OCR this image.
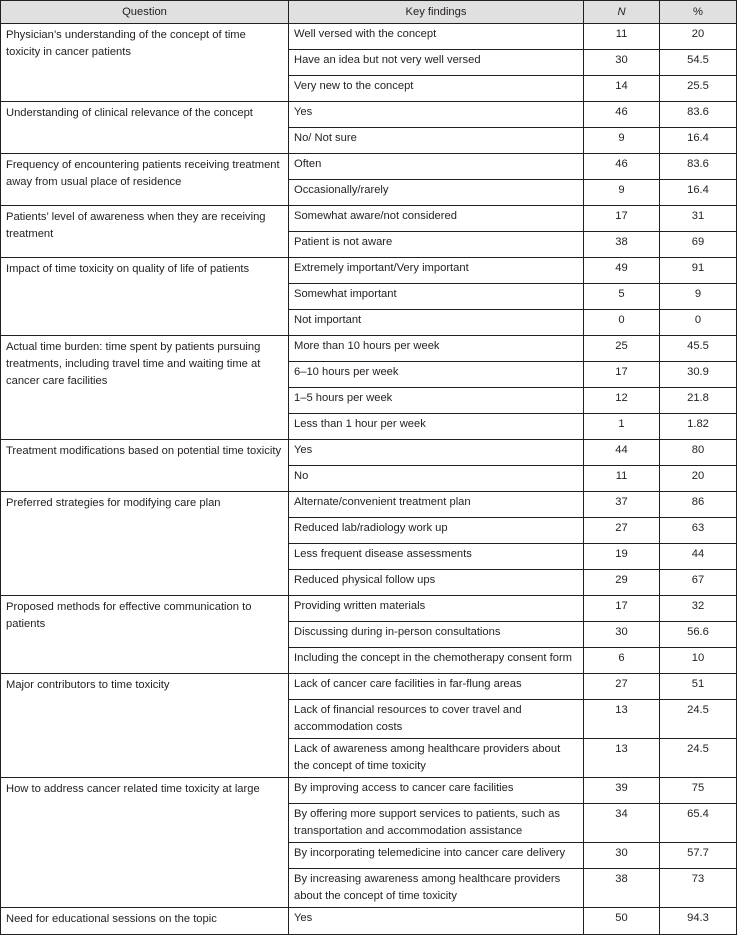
Question	Key findings	N	%
Physician’s understanding of the concept of time toxicity in cancer patients	Well versed with the concept	11	20
	Have an idea but not very well versed	30	54.5
	Very new to the concept	14	25.5
Understanding of clinical relevance of the concept	Yes	46	83.6
	No/ Not sure	9	16.4
Frequency of encountering patients receiving treatment away from usual place of residence	Often	46	83.6
	Occasionally/rarely	9	16.4
Patients’ level of awareness when they are receiving treatment	Somewhat aware/not considered	17	31
	Patient is not aware	38	69
Impact of time toxicity on quality of life of patients	Extremely important/Very important	49	91
	Somewhat important	5	9
	Not important	0	0
Actual time burden: time spent by patients pursuing treatments, including travel time and waiting time at cancer care facilities	More than 10 hours per week	25	45.5
	6–10 hours per week	17	30.9
	1–5 hours per week	12	21.8
	Less than 1 hour per week	1	1.82
Treatment modifications based on potential time toxicity	Yes	44	80
	No	11	20
Preferred strategies for modifying care plan	Alternate/convenient treatment plan	37	86
	Reduced lab/radiology work up	27	63
	Less frequent disease assessments	19	44
	Reduced physical follow ups	29	67
Proposed methods for effective communication to patients	Providing written materials	17	32
	Discussing during in-person consultations	30	56.6
	Including the concept in the chemotherapy consent form	6	10
Major contributors to time toxicity	Lack of cancer care facilities in far-flung areas	27	51
	Lack of financial resources to cover travel and accommodation costs	13	24.5
	Lack of awareness among healthcare providers about the concept of time toxicity	13	24.5
How to address cancer related time toxicity at large	By improving access to cancer care facilities	39	75
	By offering more support services to patients, such as transportation and accommodation assistance	34	65.4
	By incorporating telemedicine into cancer care delivery	30	57.7
	By increasing awareness among healthcare providers about the concept of time toxicity	38	73
Need for educational sessions on the topic	Yes	50	94.3
